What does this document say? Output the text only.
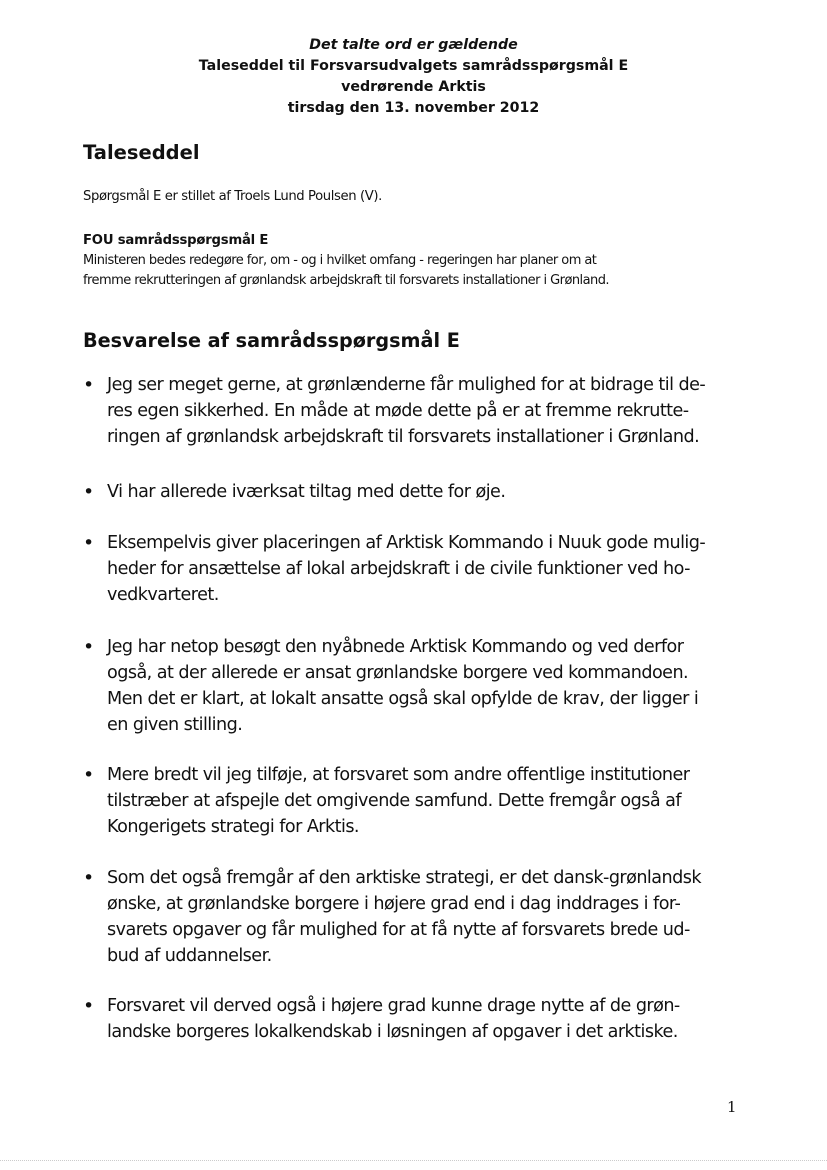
Det talte ord er gældende
Taleseddel til Forsvarsudvalgets samrådsspørgsmål E
vedrørende Arktis
tirsdag den 13. november 2012
Taleseddel
Spørgsmål E er stillet af Troels Lund Poulsen (V).
FOU samrådsspørgsmål E
Ministeren bedes redegøre for, om - og i hvilket omfang - regeringen har planer om at
fremme rekrutteringen af grønlandsk arbejdskraft til forsvarets installationer i Grønland.
Besvarelse af samrådsspørgsmål E
• Jeg ser meget gerne, at grønlænderne får mulighed for at bidrage til de-
res egen sikkerhed. En måde at møde dette på er at fremme rekrutte-
ringen af grønlandsk arbejdskraft til forsvarets installationer i Grønland.
• Vi har allerede iværksat tiltag med dette for øje.
• Eksempelvis giver placeringen af Arktisk Kommando i Nuuk gode mulig-
heder for ansættelse af lokal arbejdskraft i de civile funktioner ved ho-
vedkvarteret.
• Jeg har netop besøgt den nyåbnede Arktisk Kommando og ved derfor
også, at der allerede er ansat grønlandske borgere ved kommandoen.
Men det er klart, at lokalt ansatte også skal opfylde de krav, der ligger i
en given stilling.
• Mere bredt vil jeg tilføje, at forsvaret som andre offentlige institutioner
tilstræber at afspejle det omgivende samfund. Dette fremgår også af
Kongerigets strategi for Arktis.
• Som det også fremgår af den arktiske strategi, er det dansk-grønlandsk
ønske, at grønlandske borgere i højere grad end i dag inddrages i for-
svarets opgaver og får mulighed for at få nytte af forsvarets brede ud-
bud af uddannelser.
• Forsvaret vil derved også i højere grad kunne drage nytte af de grøn-
landske borgeres lokalkendskab i løsningen af opgaver i det arktiske.
1
